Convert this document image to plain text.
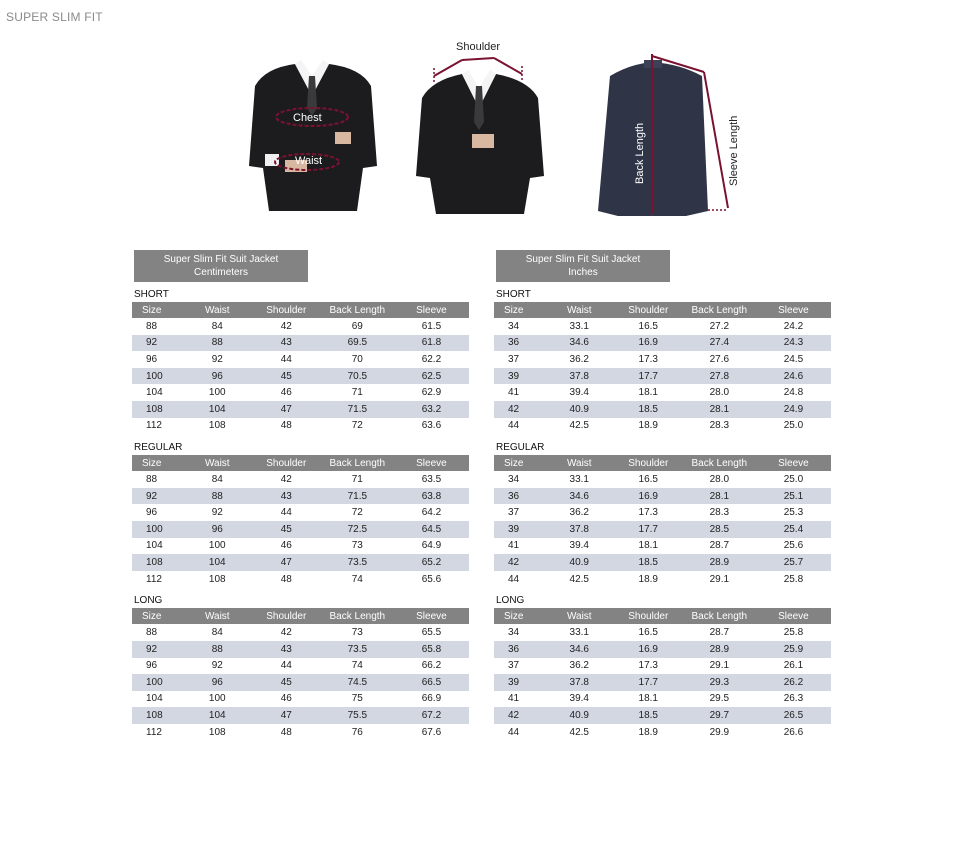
SUPER SLIM FIT
Chest
Waist
Shoulder
Back Length	Sleeve Length
Super Slim Fit Suit Jacket
Centimeters
SHORT
Size	Waist	Shoulder	Back Length	Sleeve
88	84	42	69	61.5
92	88	43	69.5	61.8
96	92	44	70	62.2
100	96	45	70.5	62.5
104	100	46	71	62.9
108	104	47	71.5	63.2
112	108	48	72	63.6
REGULAR
Size	Waist	Shoulder	Back Length	Sleeve
88	84	42	71	63.5
92	88	43	71.5	63.8
96	92	44	72	64.2
100	96	45	72.5	64.5
104	100	46	73	64.9
108	104	47	73.5	65.2
112	108	48	74	65.6
LONG
Size	Waist	Shoulder	Back Length	Sleeve
88	84	42	73	65.5
92	88	43	73.5	65.8
96	92	44	74	66.2
100	96	45	74.5	66.5
104	100	46	75	66.9
108	104	47	75.5	67.2
112	108	48	76	67.6
Super Slim Fit Suit Jacket
Inches
SHORT
Size	Waist	Shoulder	Back Length	Sleeve
34	33.1	16.5	27.2	24.2
36	34.6	16.9	27.4	24.3
37	36.2	17.3	27.6	24.5
39	37.8	17.7	27.8	24.6
41	39.4	18.1	28.0	24.8
42	40.9	18.5	28.1	24.9
44	42.5	18.9	28.3	25.0
REGULAR
Size	Waist	Shoulder	Back Length	Sleeve
34	33.1	16.5	28.0	25.0
36	34.6	16.9	28.1	25.1
37	36.2	17.3	28.3	25.3
39	37.8	17.7	28.5	25.4
41	39.4	18.1	28.7	25.6
42	40.9	18.5	28.9	25.7
44	42.5	18.9	29.1	25.8
LONG
Size	Waist	Shoulder	Back Length	Sleeve
34	33.1	16.5	28.7	25.8
36	34.6	16.9	28.9	25.9
37	36.2	17.3	29.1	26.1
39	37.8	17.7	29.3	26.2
41	39.4	18.1	29.5	26.3
42	40.9	18.5	29.7	26.5
44	42.5	18.9	29.9	26.6
